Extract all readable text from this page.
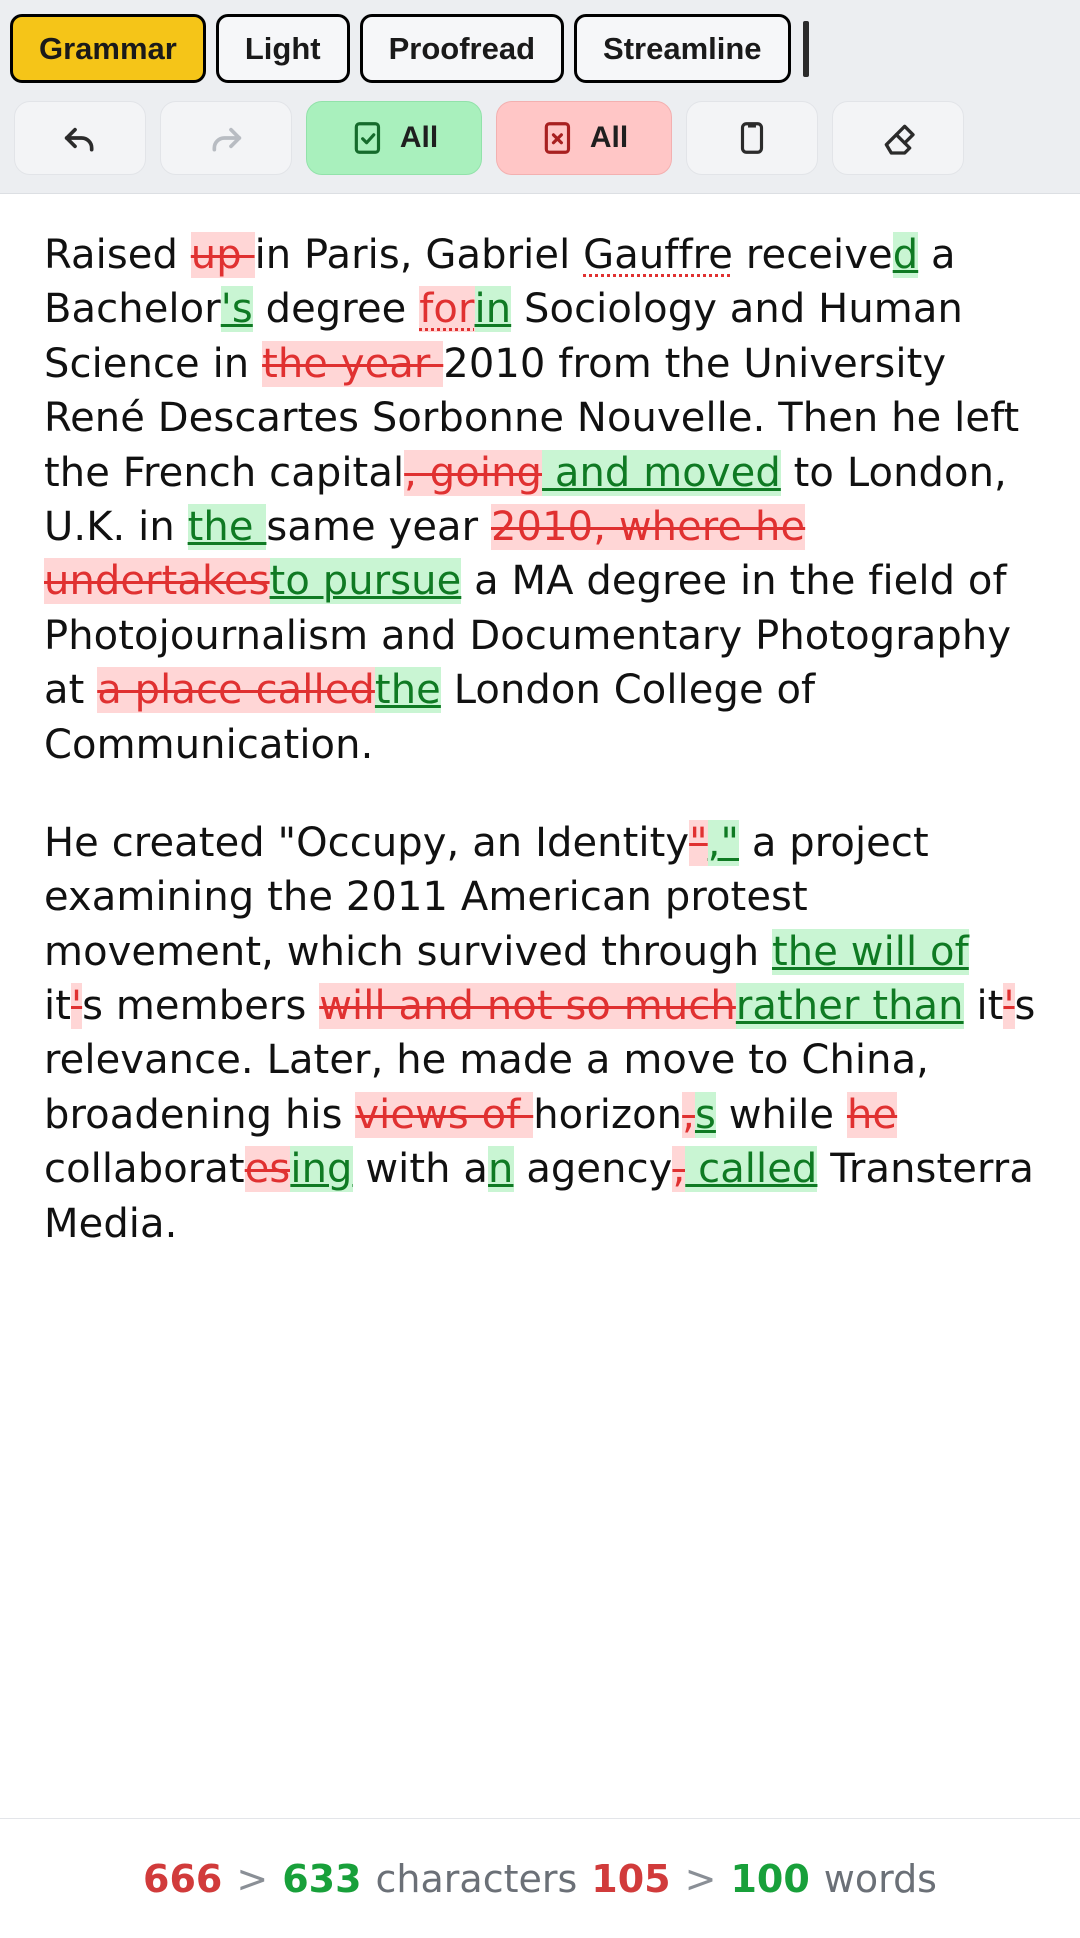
Grammar	Light	Proofread	Streamline
All	All

Raised up in Paris, Gabriel Gauffre received a Bachelor's degree forin Sociology and Human Science in the year 2010 from the University René Descartes Sorbonne Nouvelle. Then he left the French capital, going and moved to London, U.K. in the same year 2010, where he undertakesto pursue a MA degree in the field of Photojournalism and Documentary Photography at a place calledthe London College of Communication.

He created "Occupy, an Identity"," a project examining the 2011 American protest movement, which survived through the will of it's members will and not so muchrather than it's relevance. Later, he made a move to China, broadening his views of horizon,s while he collaboratesing with an agency, called Transterra Media.

666 > 633 characters 105 > 100 words
